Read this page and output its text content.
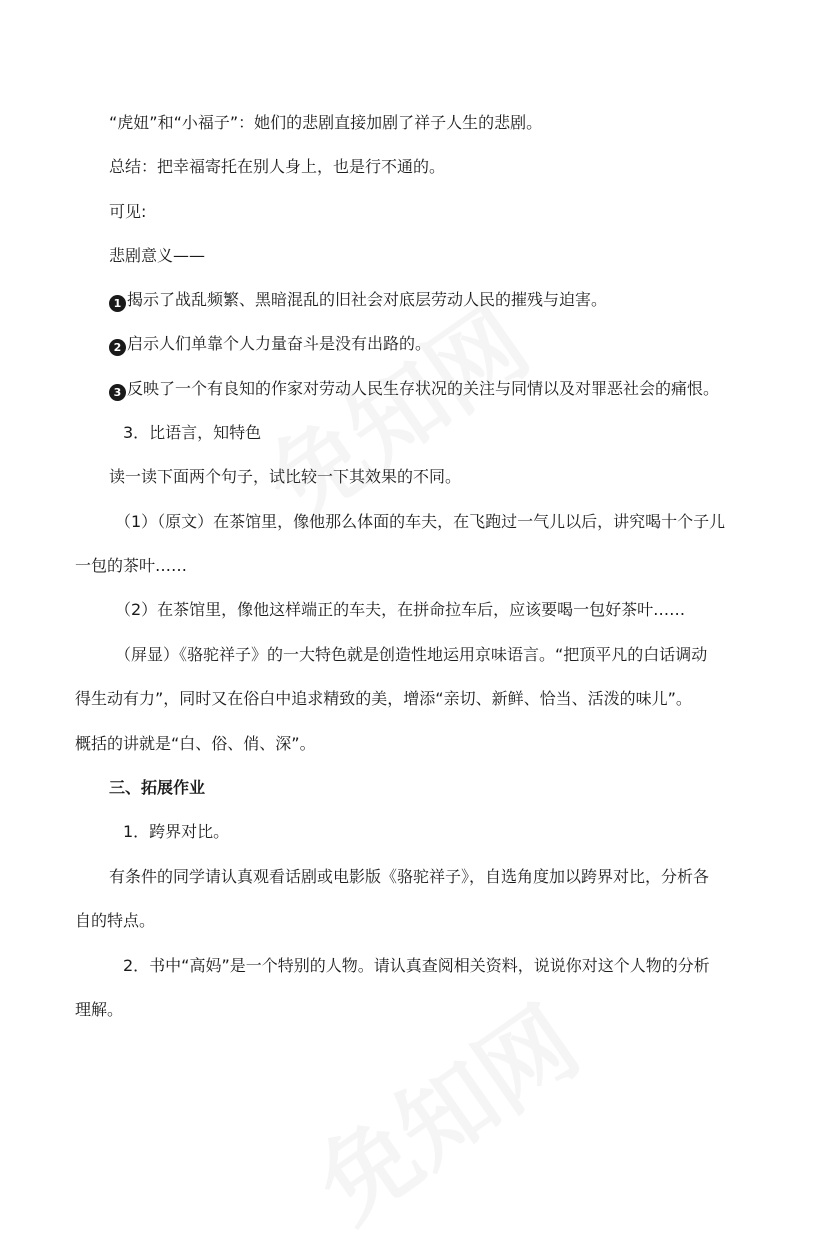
“虎妞”和“小福子”：她们的悲剧直接加剧了祥子人生的悲剧。

总结：把幸福寄托在别人身上，也是行不通的。

可见:

悲剧意义——

1 揭示了战乱频繁、黑暗混乱的旧社会对底层劳动人民的摧残与迫害。

2 启示人们单靠个人力量奋斗是没有出路的。

3 反映了一个有良知的作家对劳动人民生存状况的关注与同情以及对罪恶社会的痛恨。

3．比语言，知特色

读一读下面两个句子，试比较一下其效果的不同。

（1）（原文）在茶馆里，像他那么体面的车夫，在飞跑过一气儿以后，讲究喝十个子儿

一包的茶叶……

（2）在茶馆里，像他这样端正的车夫，在拼命拉车后，应该要喝一包好茶叶……

（屏显）《骆驼祥子》的一大特色就是创造性地运用京味语言。“把顶平凡的白话调动

得生动有力”，同时又在俗白中追求精致的美，增添“亲切、新鲜、恰当、活泼的味儿”。

概括的讲就是“白、俗、俏、深”。

三、拓展作业

1．跨界对比。

有条件的同学请认真观看话剧或电影版《骆驼祥子》，自选角度加以跨界对比，分析各

自的特点。

2．书中“高妈”是一个特别的人物。请认真查阅相关资料，说说你对这个人物的分析

理解。
